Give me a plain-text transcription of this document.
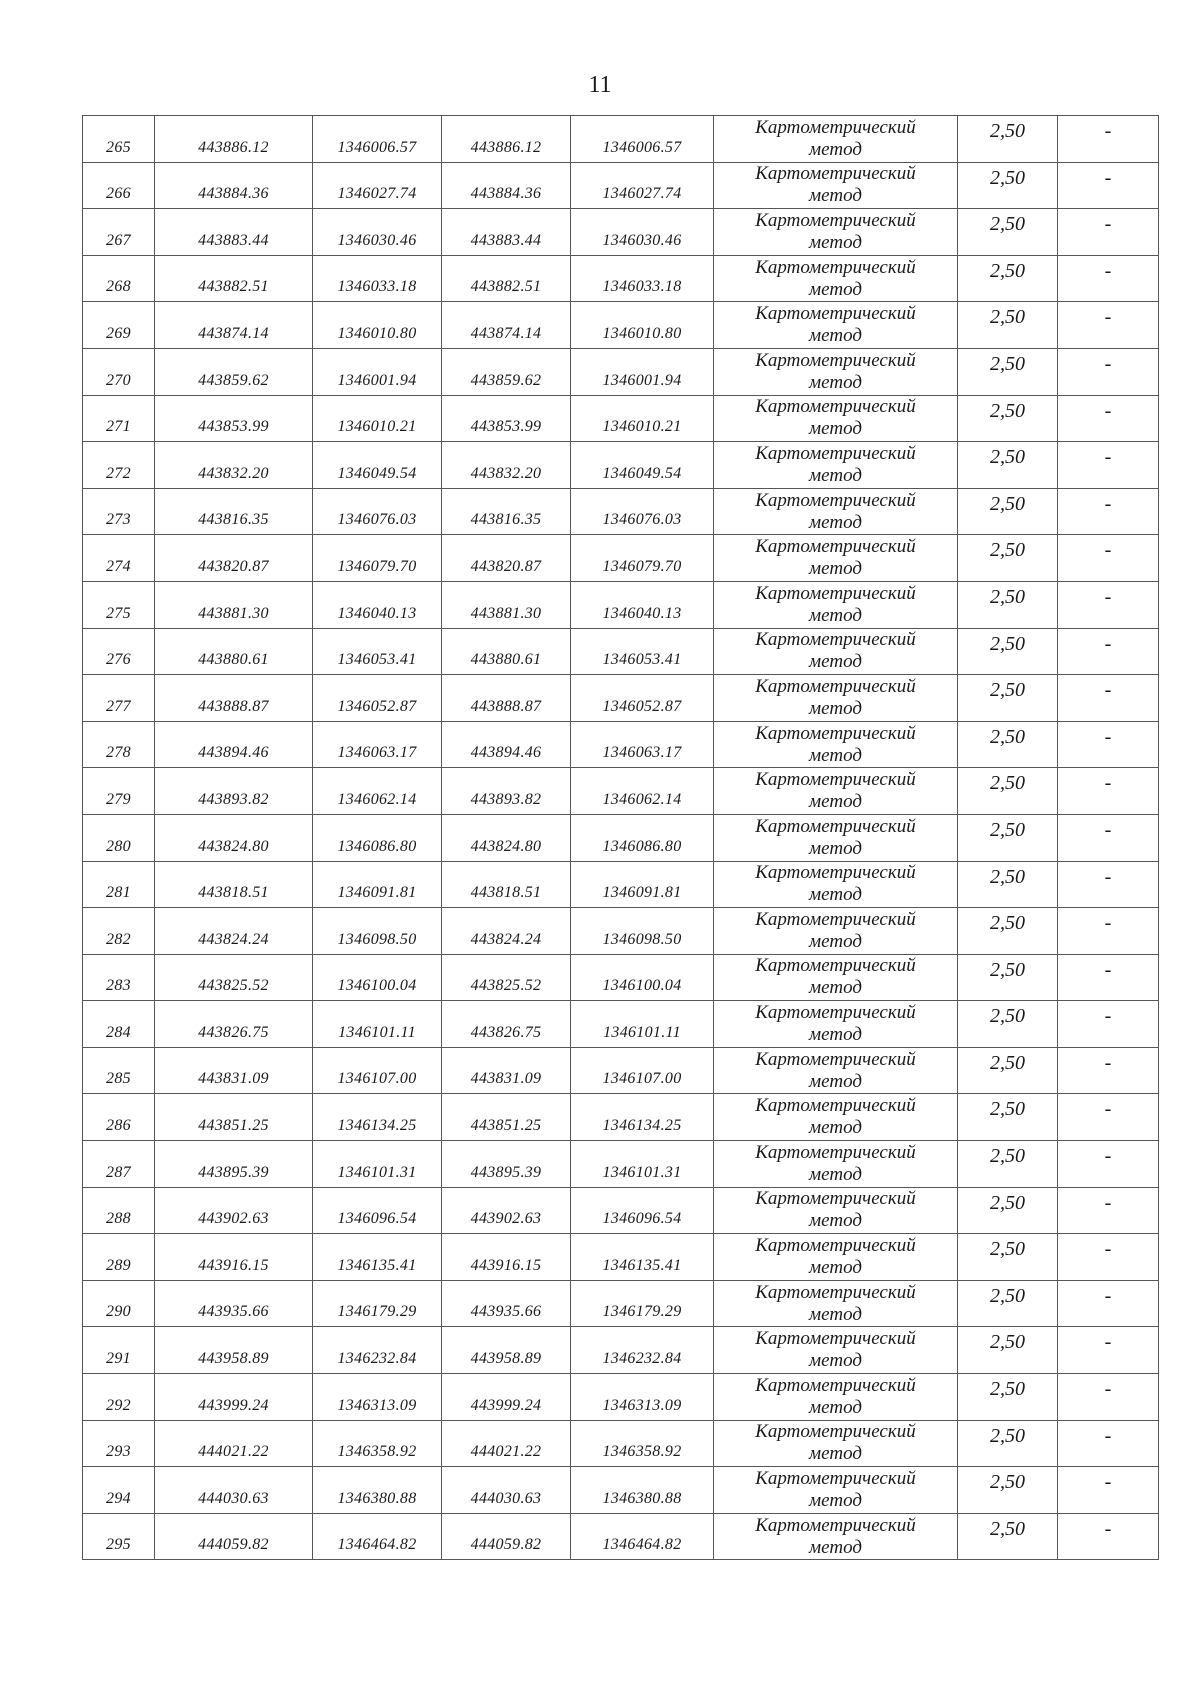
11
265	443886.12	1346006.57	443886.12	1346006.57	Картометрический
метод	2,50	-
266	443884.36	1346027.74	443884.36	1346027.74	Картометрический
метод	2,50	-
267	443883.44	1346030.46	443883.44	1346030.46	Картометрический
метод	2,50	-
268	443882.51	1346033.18	443882.51	1346033.18	Картометрический
метод	2,50	-
269	443874.14	1346010.80	443874.14	1346010.80	Картометрический
метод	2,50	-
270	443859.62	1346001.94	443859.62	1346001.94	Картометрический
метод	2,50	-
271	443853.99	1346010.21	443853.99	1346010.21	Картометрический
метод	2,50	-
272	443832.20	1346049.54	443832.20	1346049.54	Картометрический
метод	2,50	-
273	443816.35	1346076.03	443816.35	1346076.03	Картометрический
метод	2,50	-
274	443820.87	1346079.70	443820.87	1346079.70	Картометрический
метод	2,50	-
275	443881.30	1346040.13	443881.30	1346040.13	Картометрический
метод	2,50	-
276	443880.61	1346053.41	443880.61	1346053.41	Картометрический
метод	2,50	-
277	443888.87	1346052.87	443888.87	1346052.87	Картометрический
метод	2,50	-
278	443894.46	1346063.17	443894.46	1346063.17	Картометрический
метод	2,50	-
279	443893.82	1346062.14	443893.82	1346062.14	Картометрический
метод	2,50	-
280	443824.80	1346086.80	443824.80	1346086.80	Картометрический
метод	2,50	-
281	443818.51	1346091.81	443818.51	1346091.81	Картометрический
метод	2,50	-
282	443824.24	1346098.50	443824.24	1346098.50	Картометрический
метод	2,50	-
283	443825.52	1346100.04	443825.52	1346100.04	Картометрический
метод	2,50	-
284	443826.75	1346101.11	443826.75	1346101.11	Картометрический
метод	2,50	-
285	443831.09	1346107.00	443831.09	1346107.00	Картометрический
метод	2,50	-
286	443851.25	1346134.25	443851.25	1346134.25	Картометрический
метод	2,50	-
287	443895.39	1346101.31	443895.39	1346101.31	Картометрический
метод	2,50	-
288	443902.63	1346096.54	443902.63	1346096.54	Картометрический
метод	2,50	-
289	443916.15	1346135.41	443916.15	1346135.41	Картометрический
метод	2,50	-
290	443935.66	1346179.29	443935.66	1346179.29	Картометрический
метод	2,50	-
291	443958.89	1346232.84	443958.89	1346232.84	Картометрический
метод	2,50	-
292	443999.24	1346313.09	443999.24	1346313.09	Картометрический
метод	2,50	-
293	444021.22	1346358.92	444021.22	1346358.92	Картометрический
метод	2,50	-
294	444030.63	1346380.88	444030.63	1346380.88	Картометрический
метод	2,50	-
295	444059.82	1346464.82	444059.82	1346464.82	Картометрический
метод	2,50	-
